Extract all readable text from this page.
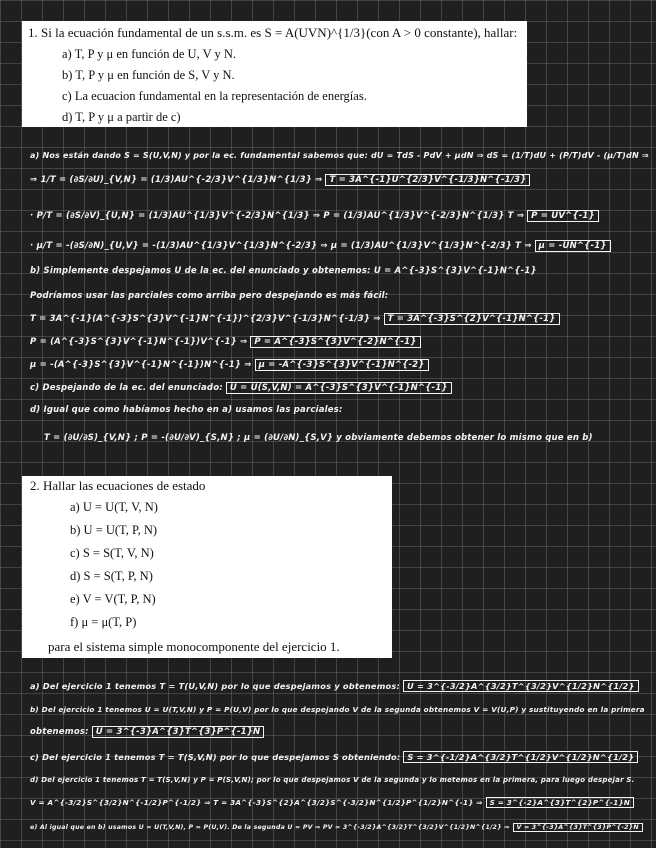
1. Si la ecuación fundamental de un s.s.m. es S = A(UVN)^{1/3}(con A > 0 constante), hallar:
a) T, P y μ en función de U, V y N.
b) T, P y μ en función de S, V y N.
c) La ecuacion fundamental en la representación de energías.
d) T, P y μ a partir de c)
a) Nos están dando S = S(U,V,N) y por la ec. fundamental sabemos que: dU = TdS - PdV + μdN ⇒ dS = (1/T)dU + (P/T)dV - (μ/T)dN ⇒
⇒ 1/T = (∂S/∂U)_{V,N} = (1/3)AU^{-2/3}V^{1/3}N^{1/3} ⇒ T = 3A^{-1}U^{2/3}V^{-1/3}N^{-1/3}
· P/T = (∂S/∂V)_{U,N} = (1/3)AU^{1/3}V^{-2/3}N^{1/3} ⇒ P = (1/3)AU^{1/3}V^{-2/3}N^{1/3} T ⇒ P = UV^{-1}
· μ/T = -(∂S/∂N)_{U,V} = -(1/3)AU^{1/3}V^{1/3}N^{-2/3} ⇒ μ = (1/3)AU^{1/3}V^{1/3}N^{-2/3} T ⇒ μ = -UN^{-1}
b) Simplemente despejamos U de la ec. del enunciado y obtenemos: U = A^{-3}S^{3}V^{-1}N^{-1}
Podríamos usar las parciales como arriba pero despejando es más fácil:
T = 3A^{-1}(A^{-3}S^{3}V^{-1}N^{-1})^{2/3}V^{-1/3}N^{-1/3} ⇒ T = 3A^{-3}S^{2}V^{-1}N^{-1}
P = (A^{-3}S^{3}V^{-1}N^{-1})V^{-1} ⇒ P = A^{-3}S^{3}V^{-2}N^{-1}
μ = -(A^{-3}S^{3}V^{-1}N^{-1})N^{-1} ⇒ μ = -A^{-3}S^{3}V^{-1}N^{-2}
c) Despejando de la ec. del enunciado: U = U(S,V,N) = A^{-3}S^{3}V^{-1}N^{-1}
d) Igual que como habíamos hecho en a) usamos las parciales:
T = (∂U/∂S)_{V,N} ; P = -(∂U/∂V)_{S,N} ; μ = (∂U/∂N)_{S,V} y obviamente debemos obtener lo mismo que en b)
2. Hallar las ecuaciones de estado
a) U = U(T, V, N)
b) U = U(T, P, N)
c) S = S(T, V, N)
d) S = S(T, P, N)
e) V = V(T, P, N)
f) μ = μ(T, P)
para el sistema simple monocomponente del ejercicio 1.
a) Del ejercicio 1 tenemos T = T(U,V,N) por lo que despejamos y obtenemos: U = 3^{-3/2}A^{3/2}T^{3/2}V^{1/2}N^{1/2}
b) Del ejercicio 1 tenemos U = U(T,V,N) y P = P(U,V) por lo que despejando V de la segunda obtenemos V = V(U,P) y sustituyendo en la primera
obtenemos: U = 3^{-3}A^{3}T^{3}P^{-1}N
c) Del ejercicio 1 tenemos T = T(S,V,N) por lo que despejamos S obteniendo: S = 3^{-1/2}A^{3/2}T^{1/2}V^{1/2}N^{1/2}
d) Del ejercicio 1 tenemos T = T(S,V,N) y P = P(S,V,N); por lo que despejamos V de la segunda y lo metemos en la primera, para luego despejar S.
V = A^{-3/2}S^{3/2}N^{-1/2}P^{-1/2} ⇒ T = 3A^{-3}S^{2}A^{3/2}S^{-3/2}N^{1/2}P^{1/2}N^{-1} ⇒ S = 3^{-2}A^{3}T^{2}P^{-1}N
e) Al igual que en b) usamos U = U(T,V,N), P = P(U,V). De la segunda U = PV ⇒ PV = 3^{-3/2}A^{3/2}T^{3/2}V^{1/2}N^{1/2} ⇒ V = 3^{-3}A^{3}T^{3}P^{-2}N
